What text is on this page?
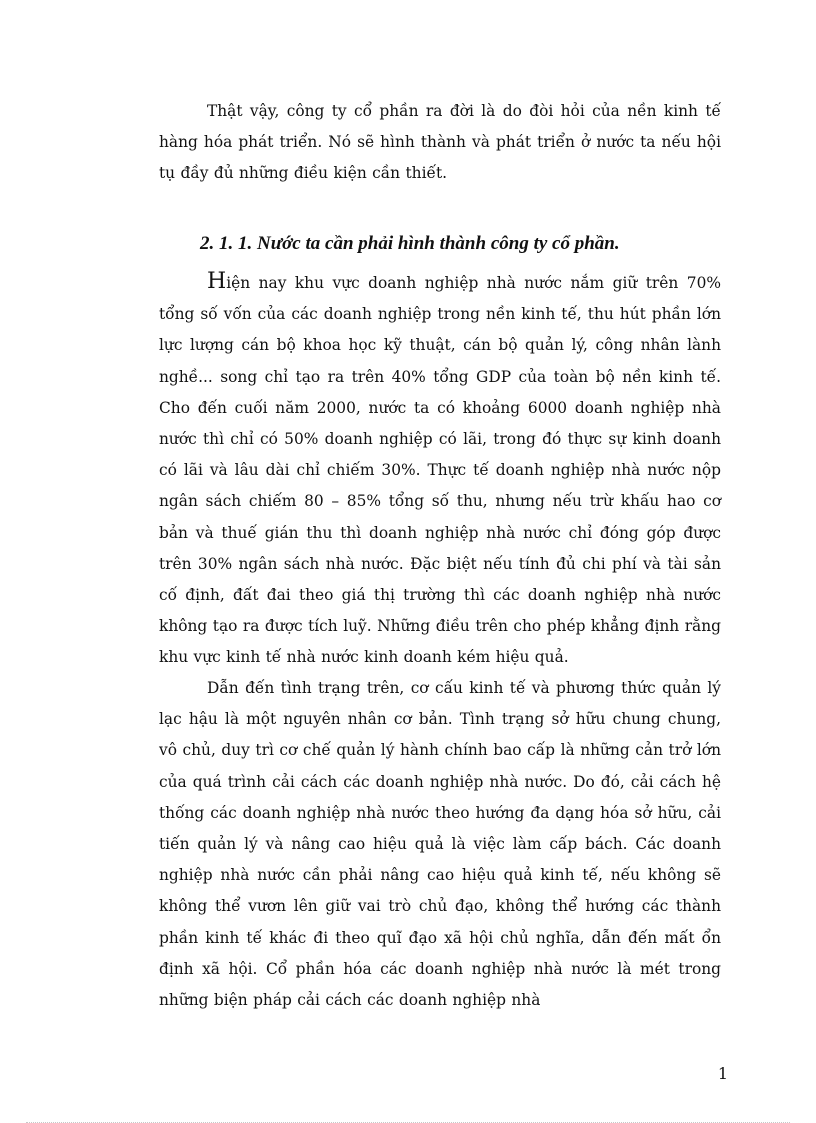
Thật vậy, công ty cổ phần ra đời là do đòi hỏi của nền kinh tế hàng hóa phát triển. Nó sẽ hình thành và phát triển ở nước ta nếu hội tụ đầy đủ những điều kiện cần thiết.

2. 1. 1. Nước ta cần phải hình thành công ty cổ phần.

Hiện nay khu vực doanh nghiệp nhà nước nắm giữ trên 70% tổng số vốn của các doanh nghiệp trong nền kinh tế, thu hút phần lớn lực lượng cán bộ khoa học kỹ thuật, cán bộ quản lý, công nhân lành nghề... song chỉ tạo ra trên 40% tổng GDP của toàn bộ nền kinh tế. Cho đến cuối năm 2000, nước ta có khoảng 6000 doanh nghiệp nhà nước thì chỉ có 50% doanh nghiệp có lãi, trong đó thực sự kinh doanh có lãi và lâu dài chỉ chiếm 30%. Thực tế doanh nghiệp nhà nước nộp ngân sách chiếm 80 – 85% tổng số thu, nhưng nếu trừ khấu hao cơ bản và thuế gián thu thì doanh nghiệp nhà nước chỉ đóng góp được trên 30% ngân sách nhà nước. Đặc biệt nếu tính đủ chi phí và tài sản cố định, đất đai theo giá thị trường thì các doanh nghiệp nhà nước không tạo ra được tích luỹ. Những điều trên cho phép khẳng định rằng khu vực kinh tế nhà nước kinh doanh kém hiệu quả.

Dẫn đến tình trạng trên, cơ cấu kinh tế và phương thức quản lý lạc hậu là một nguyên nhân cơ bản. Tình trạng sở hữu chung chung, vô chủ, duy trì cơ chế quản lý hành chính bao cấp là những cản trở lớn của quá trình cải cách các doanh nghiệp nhà nước. Do đó, cải cách hệ thống các doanh nghiệp nhà nước theo hướng đa dạng hóa sở hữu, cải tiến quản lý và nâng cao hiệu quả là việc làm cấp bách. Các doanh nghiệp nhà nước cần phải nâng cao hiệu quả kinh tế, nếu không sẽ không thể vươn lên giữ vai trò chủ đạo, không thể hướng các thành phần kinh tế khác đi theo quĩ đạo xã hội chủ nghĩa, dẫn đến mất ổn định xã hội. Cổ phần hóa các doanh nghiệp nhà nước là mét trong những biện pháp cải cách các doanh nghiệp nhà

1
